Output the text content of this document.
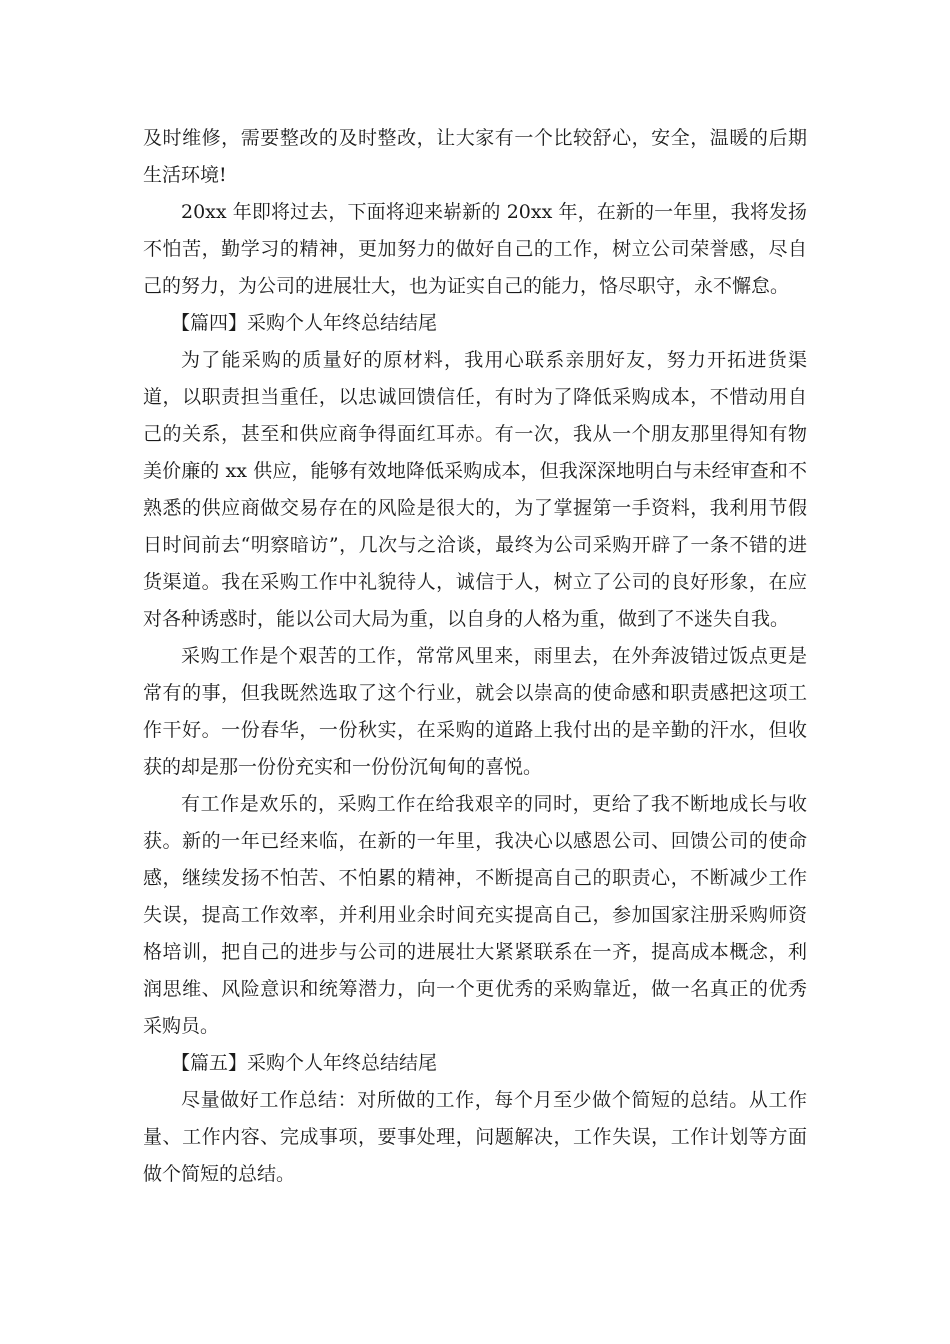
及时维修，需要整改的及时整改，让大家有一个比较舒心，安全，温暖的后期生活环境!

20xx 年即将过去，下面将迎来崭新的 20xx 年，在新的一年里，我将发扬不怕苦，勤学习的精神，更加努力的做好自己的工作，树立公司荣誉感，尽自己的努力，为公司的进展壮大，也为证实自己的能力，恪尽职守，永不懈怠。

【篇四】采购个人年终总结结尾

为了能采购的质量好的原材料，我用心联系亲朋好友，努力开拓进货渠道，以职责担当重任，以忠诚回馈信任，有时为了降低采购成本，不惜动用自己的关系，甚至和供应商争得面红耳赤。有一次，我从一个朋友那里得知有物美价廉的 xx 供应，能够有效地降低采购成本，但我深深地明白与未经审查和不熟悉的供应商做交易存在的风险是很大的，为了掌握第一手资料，我利用节假日时间前去“明察暗访”，几次与之洽谈，最终为公司采购开辟了一条不错的进货渠道。我在采购工作中礼貌待人，诚信于人，树立了公司的良好形象，在应对各种诱惑时，能以公司大局为重，以自身的人格为重，做到了不迷失自我。

采购工作是个艰苦的工作，常常风里来，雨里去，在外奔波错过饭点更是常有的事，但我既然选取了这个行业，就会以崇高的使命感和职责感把这项工作干好。一份春华，一份秋实，在采购的道路上我付出的是辛勤的汗水，但收获的却是那一份份充实和一份份沉甸甸的喜悦。

有工作是欢乐的，采购工作在给我艰辛的同时，更给了我不断地成长与收获。新的一年已经来临，在新的一年里，我决心以感恩公司、回馈公司的使命感，继续发扬不怕苦、不怕累的精神，不断提高自己的职责心，不断减少工作失误，提高工作效率，并利用业余时间充实提高自己，参加国家注册采购师资格培训，把自己的进步与公司的进展壮大紧紧联系在一齐，提高成本概念，利润思维、风险意识和统筹潜力，向一个更优秀的采购靠近，做一名真正的优秀采购员。

【篇五】采购个人年终总结结尾

尽量做好工作总结：对所做的工作，每个月至少做个简短的总结。从工作量、工作内容、完成事项，要事处理，问题解决，工作失误，工作计划等方面做个简短的总结。
